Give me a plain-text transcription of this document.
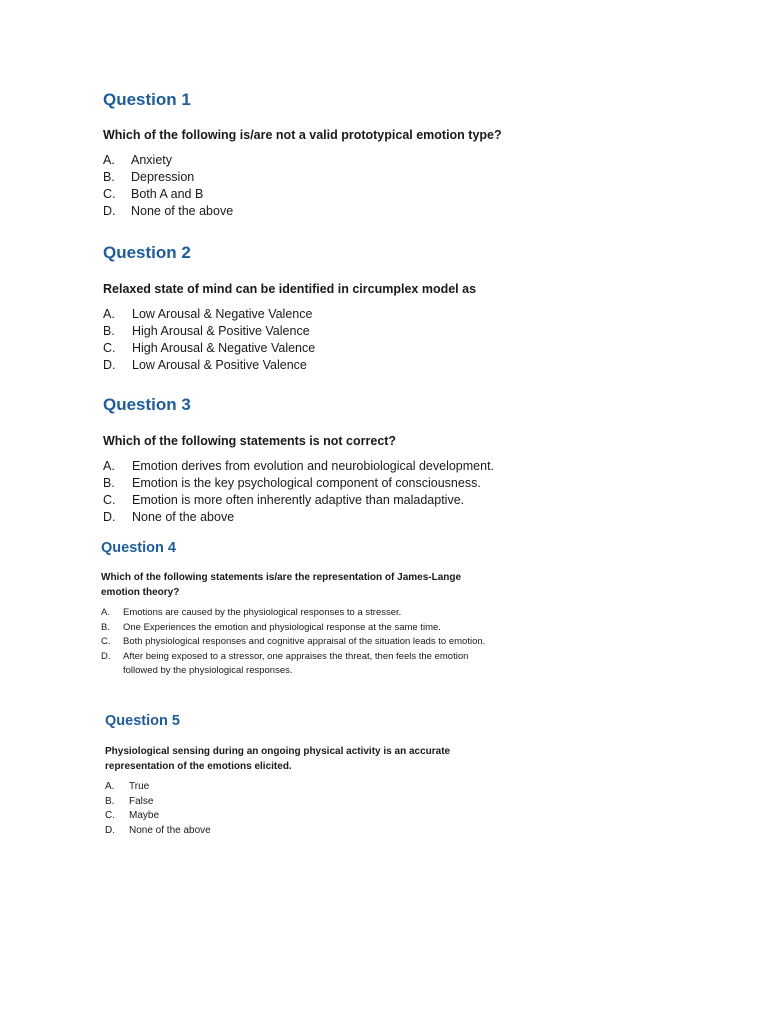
Question 1

Which of the following is/are not a valid prototypical emotion type?

A.	Anxiety
B.	Depression
C.	Both A and B
D.	None of the above
Question 2

Relaxed state of mind can be identified in circumplex model as

A.	Low Arousal & Negative Valence
B.	High Arousal & Positive Valence
C.	High Arousal & Negative Valence
D.	Low Arousal & Positive Valence
Question 3

Which of the following statements is not correct?

A.	Emotion derives from evolution and neurobiological development.
B.	Emotion is the key psychological component of consciousness.
C.	Emotion is more often inherently adaptive than maladaptive.
D.	None of the above
Question 4

Which of the following statements is/are the representation of James-Lange emotion theory?

A.	Emotions are caused by the physiological responses to a stresser.
B.	One Experiences the emotion and physiological response at the same time.
C.	Both physiological responses and cognitive appraisal of the situation leads to emotion.
D.	After being exposed to a stressor, one appraises the threat, then feels the emotion followed by the physiological responses.
Question 5

Physiological sensing during an ongoing physical activity is an accurate representation of the emotions elicited.

A.	True
B.	False
C.	Maybe
D.	None of the above
